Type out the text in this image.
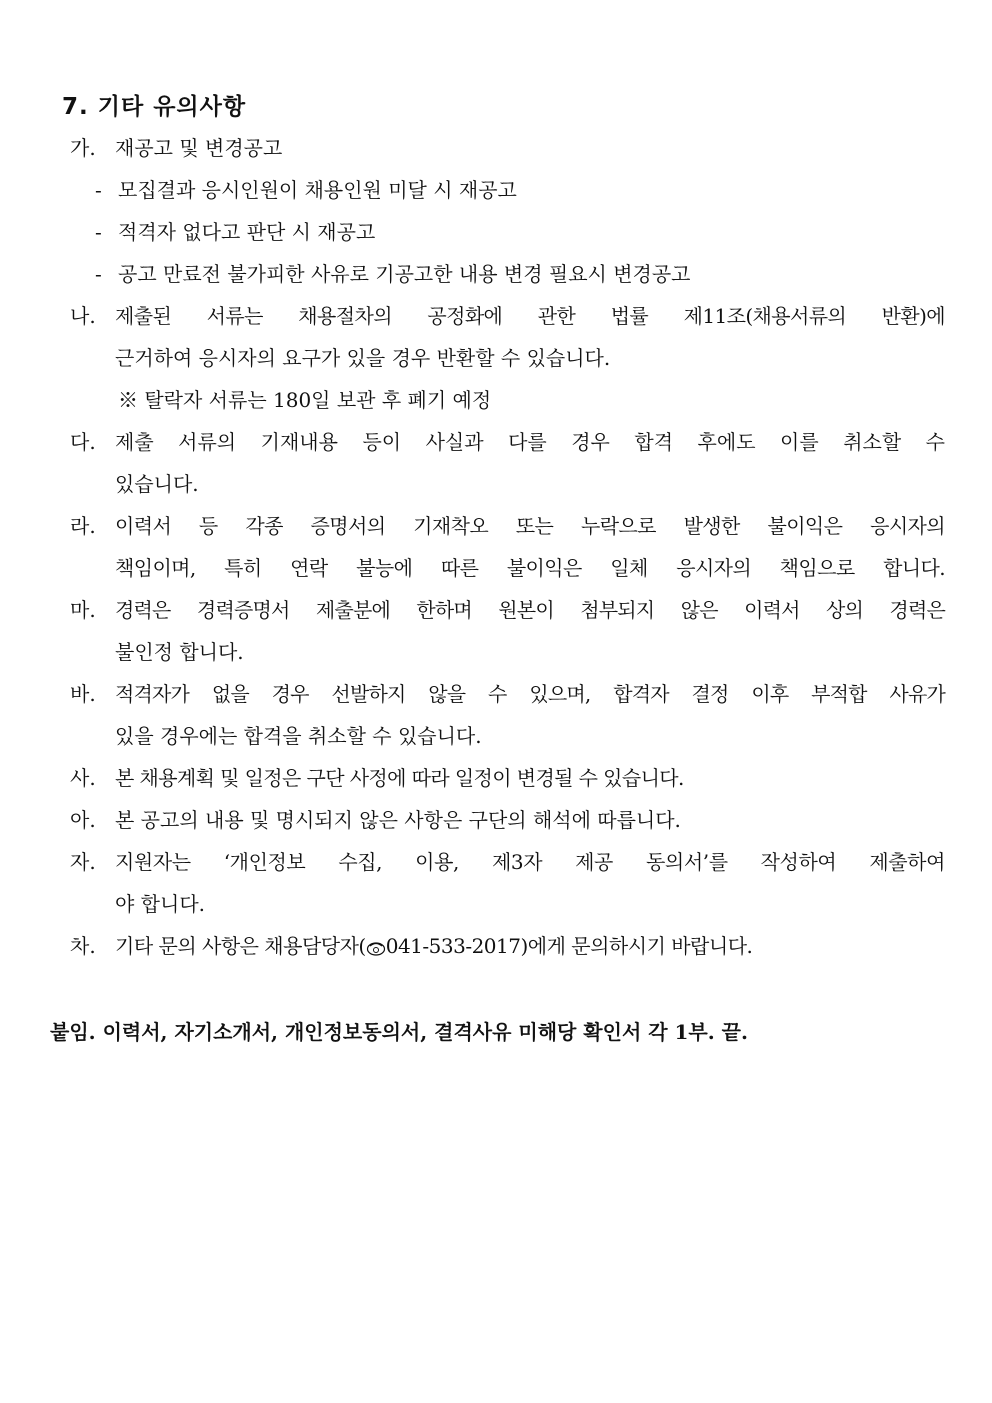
7. 기타 유의사항
가. 재공고 및 변경공고
- 모집결과 응시인원이 채용인원 미달 시 재공고
- 적격자 없다고 판단 시 재공고
- 공고 만료전 불가피한 사유로 기공고한 내용 변경 필요시 변경공고
나. 제출된 서류는 채용절차의 공정화에 관한 법률 제11조(채용서류의 반환)에
근거하여 응시자의 요구가 있을 경우 반환할 수 있습니다.
※ 탈락자 서류는 180일 보관 후 폐기 예정
다. 제출 서류의 기재내용 등이 사실과 다를 경우 합격 후에도 이를 취소할 수
있습니다.
라. 이력서 등 각종 증명서의 기재착오 또는 누락으로 발생한 불이익은 응시자의
책임이며, 특히 연락 불능에 따른 불이익은 일체 응시자의 책임으로 합니다.
마. 경력은 경력증명서 제출분에 한하며 원본이 첨부되지 않은 이력서 상의 경력은
불인정 합니다.
바. 적격자가 없을 경우 선발하지 않을 수 있으며, 합격자 결정 이후 부적합 사유가
있을 경우에는 합격을 취소할 수 있습니다.
사. 본 채용계획 및 일정은 구단 사정에 따라 일정이 변경될 수 있습니다.
아. 본 공고의 내용 및 명시되지 않은 사항은 구단의 해석에 따릅니다.
자. 지원자는 ‘개인정보 수집, 이용, 제3자 제공 동의서’를 작성하여 제출하여
야 합니다.
차. 기타 문의 사항은 채용담당자( 041-533-2017)에게 문의하시기 바랍니다.
붙임. 이력서, 자기소개서, 개인정보동의서, 결격사유 미해당 확인서 각 1부. 끝.
